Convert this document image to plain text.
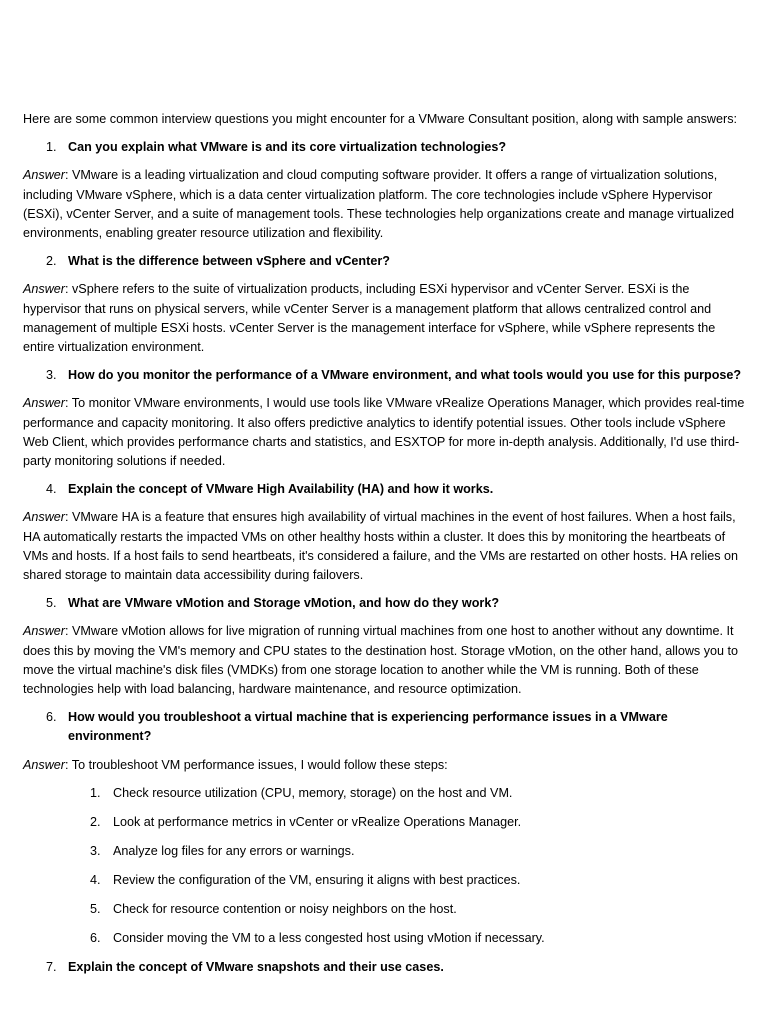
Here are some common interview questions you might encounter for a VMware Consultant position, along with sample answers:

1. Can you explain what VMware is and its core virtualization technologies?

Answer: VMware is a leading virtualization and cloud computing software provider. It offers a range of virtualization solutions, including VMware vSphere, which is a data center virtualization platform. The core technologies include vSphere Hypervisor (ESXi), vCenter Server, and a suite of management tools. These technologies help organizations create and manage virtualized environments, enabling greater resource utilization and flexibility.

2. What is the difference between vSphere and vCenter?

Answer: vSphere refers to the suite of virtualization products, including ESXi hypervisor and vCenter Server. ESXi is the hypervisor that runs on physical servers, while vCenter Server is a management platform that allows centralized control and management of multiple ESXi hosts. vCenter Server is the management interface for vSphere, while vSphere represents the entire virtualization environment.

3. How do you monitor the performance of a VMware environment, and what tools would you use for this purpose?

Answer: To monitor VMware environments, I would use tools like VMware vRealize Operations Manager, which provides real-time performance and capacity monitoring. It also offers predictive analytics to identify potential issues. Other tools include vSphere Web Client, which provides performance charts and statistics, and ESXTOP for more in-depth analysis. Additionally, I'd use third-party monitoring solutions if needed.

4. Explain the concept of VMware High Availability (HA) and how it works.

Answer: VMware HA is a feature that ensures high availability of virtual machines in the event of host failures. When a host fails, HA automatically restarts the impacted VMs on other healthy hosts within a cluster. It does this by monitoring the heartbeats of VMs and hosts. If a host fails to send heartbeats, it's considered a failure, and the VMs are restarted on other hosts. HA relies on shared storage to maintain data accessibility during failovers.

5. What are VMware vMotion and Storage vMotion, and how do they work?

Answer: VMware vMotion allows for live migration of running virtual machines from one host to another without any downtime. It does this by moving the VM's memory and CPU states to the destination host. Storage vMotion, on the other hand, allows you to move the virtual machine's disk files (VMDKs) from one storage location to another while the VM is running. Both of these technologies help with load balancing, hardware maintenance, and resource optimization.

6. How would you troubleshoot a virtual machine that is experiencing performance issues in a VMware environment?

Answer: To troubleshoot VM performance issues, I would follow these steps:

1. Check resource utilization (CPU, memory, storage) on the host and VM.
2. Look at performance metrics in vCenter or vRealize Operations Manager.
3. Analyze log files for any errors or warnings.
4. Review the configuration of the VM, ensuring it aligns with best practices.
5. Check for resource contention or noisy neighbors on the host.
6. Consider moving the VM to a less congested host using vMotion if necessary.
7. Explain the concept of VMware snapshots and their use cases.
